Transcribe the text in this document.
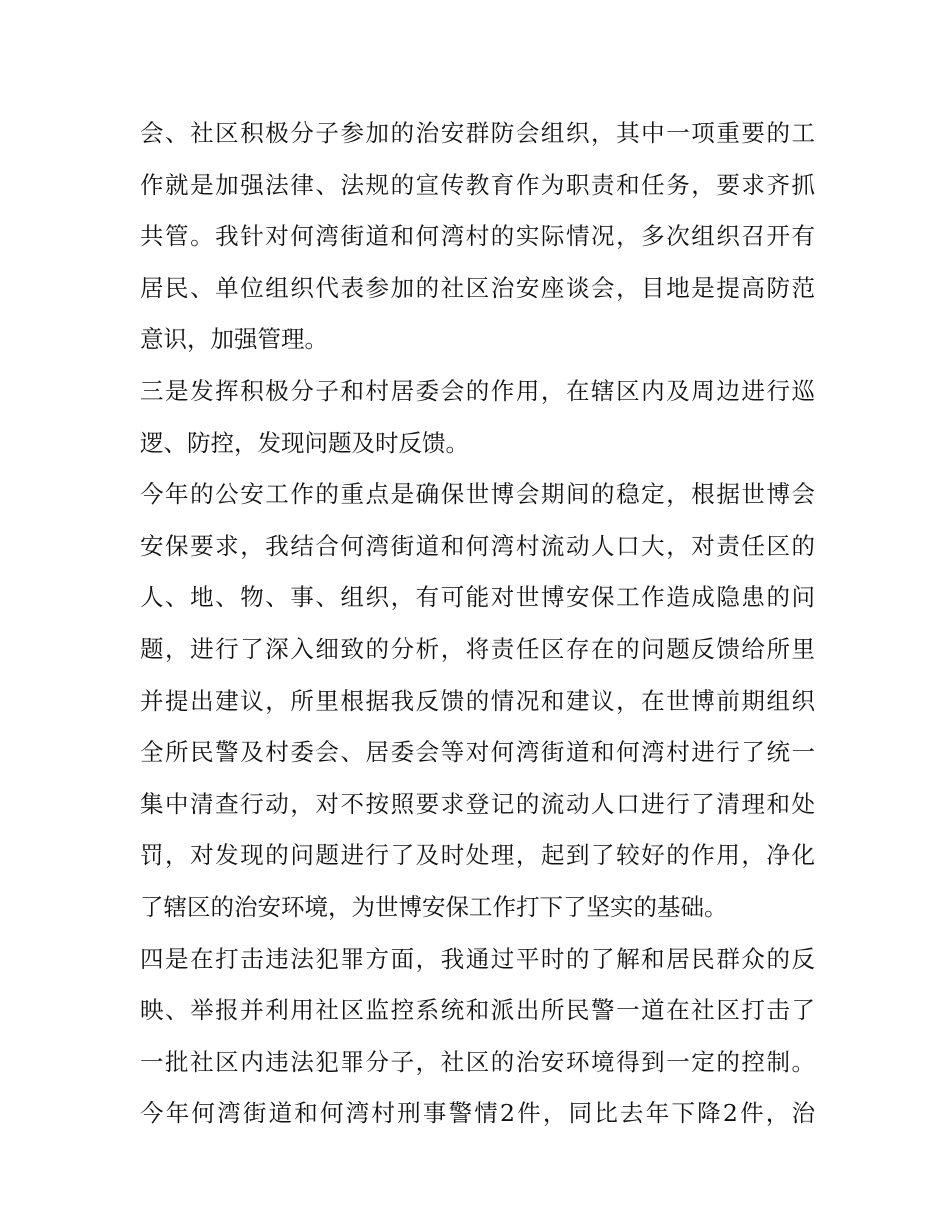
会、社区积极分子参加的治安群防会组织，其中一项重要的工
作就是加强法律、法规的宣传教育作为职责和任务，要求齐抓
共管。我针对何湾街道和何湾村的实际情况，多次组织召开有
居民、单位组织代表参加的社区治安座谈会，目地是提高防范
意识，加强管理。
三是发挥积极分子和村居委会的作用，在辖区内及周边进行巡
逻、防控，发现问题及时反馈。
今年的公安工作的重点是确保世博会期间的稳定，根据世博会
安保要求，我结合何湾街道和何湾村流动人口大，对责任区的
人、地、物、事、组织，有可能对世博安保工作造成隐患的问
题，进行了深入细致的分析，将责任区存在的问题反馈给所里
并提出建议，所里根据我反馈的情况和建议，在世博前期组织
全所民警及村委会、居委会等对何湾街道和何湾村进行了统一
集中清查行动，对不按照要求登记的流动人口进行了清理和处
罚，对发现的问题进行了及时处理，起到了较好的作用，净化
了辖区的治安环境，为世博安保工作打下了坚实的基础。
四是在打击违法犯罪方面，我通过平时的了解和居民群众的反
映、举报并利用社区监控系统和派出所民警一道在社区打击了
一批社区内违法犯罪分子，社区的治安环境得到一定的控制。
今年何湾街道和何湾村刑事警情2件，同比去年下降2件，治
